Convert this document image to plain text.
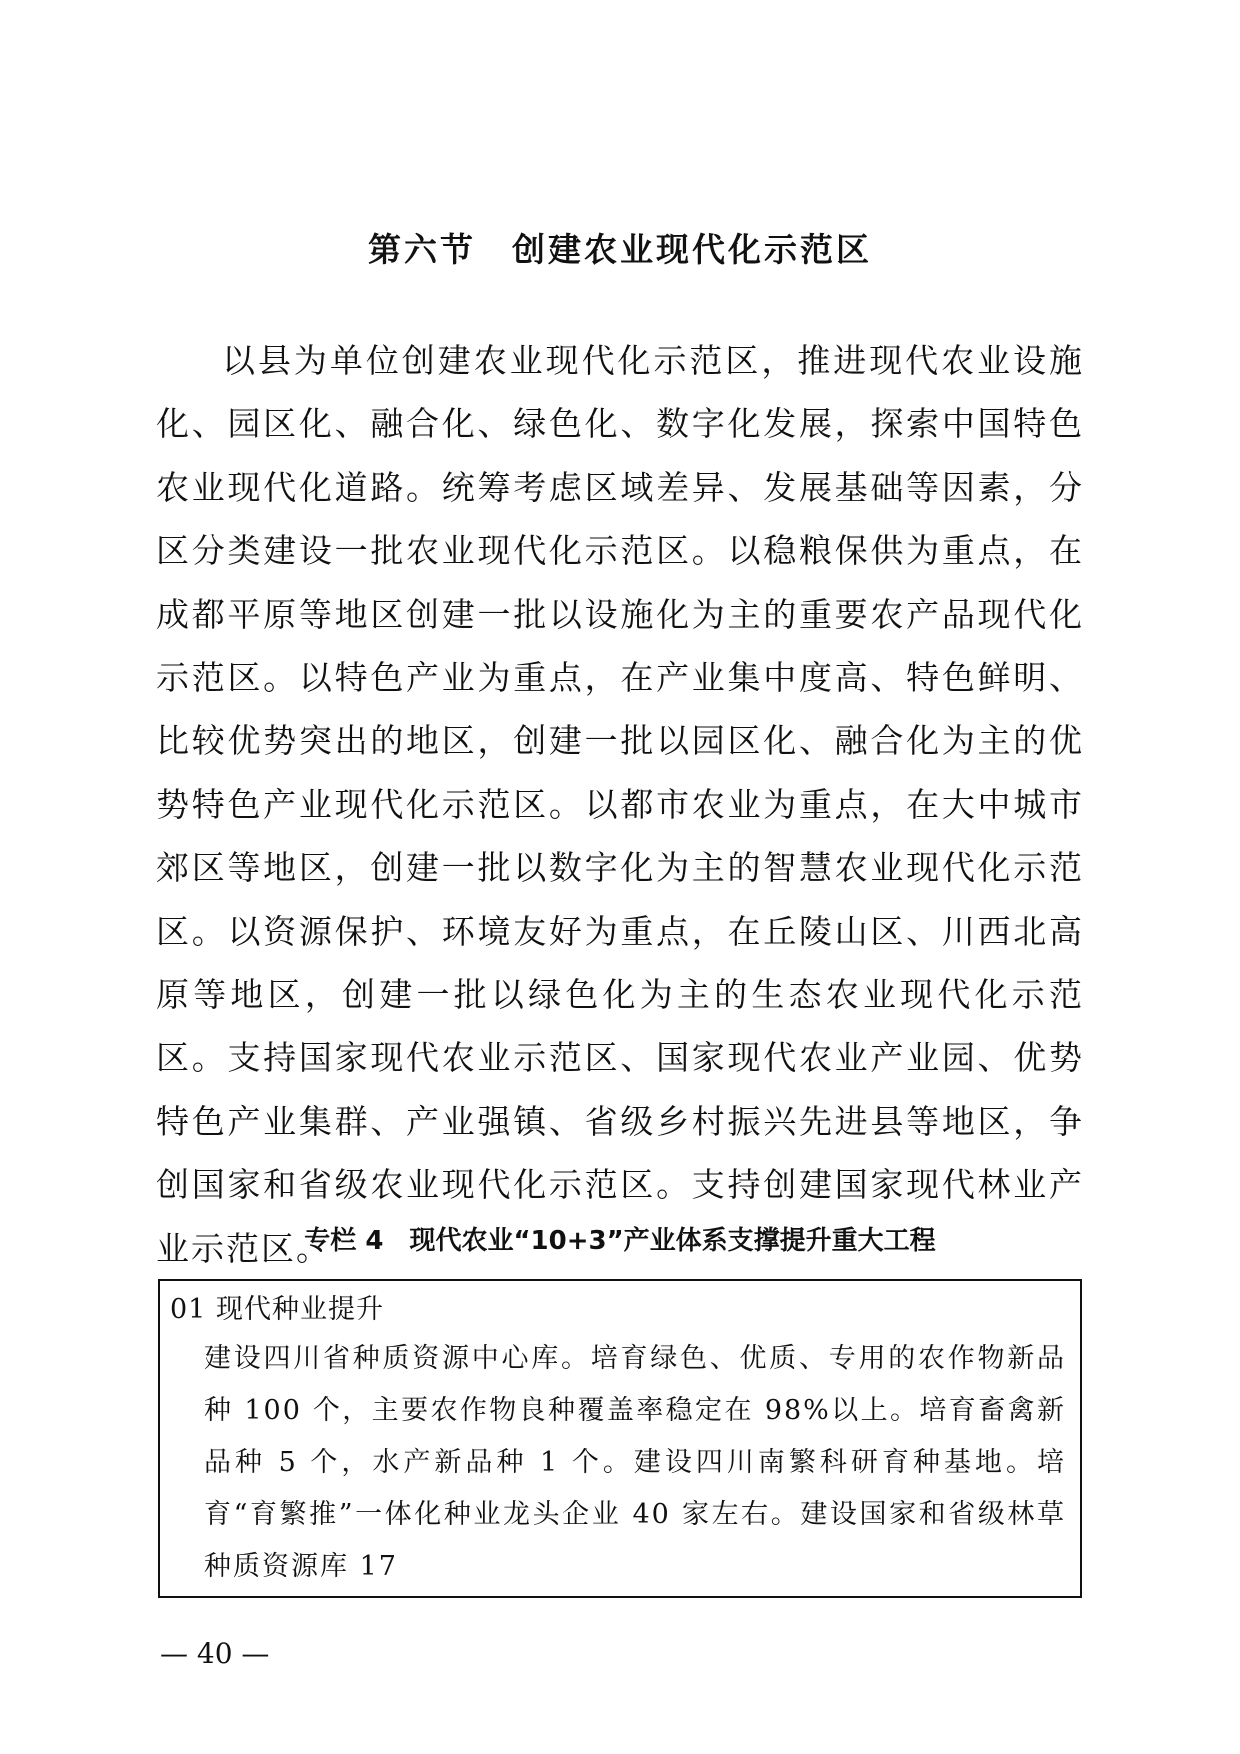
第六节　创建农业现代化示范区

以县为单位创建农业现代化示范区，推进现代农业设施化、园区化、融合化、绿色化、数字化发展，探索中国特色农业现代化道路。统筹考虑区域差异、发展基础等因素，分区分类建设一批农业现代化示范区。以稳粮保供为重点，在成都平原等地区创建一批以设施化为主的重要农产品现代化示范区。以特色产业为重点，在产业集中度高、特色鲜明、比较优势突出的地区，创建一批以园区化、融合化为主的优势特色产业现代化示范区。以都市农业为重点，在大中城市郊区等地区，创建一批以数字化为主的智慧农业现代化示范区。以资源保护、环境友好为重点，在丘陵山区、川西北高原等地区，创建一批以绿色化为主的生态农业现代化示范区。支持国家现代农业示范区、国家现代农业产业园、优势特色产业集群、产业强镇、省级乡村振兴先进县等地区，争创国家和省级农业现代化示范区。支持创建国家现代林业产业示范区。

专栏 4　现代农业“10+3”产业体系支撑提升重大工程

01 现代种业提升

建设四川省种质资源中心库。培育绿色、优质、专用的农作物新品种 100 个，主要农作物良种覆盖率稳定在 98%以上。培育畜禽新品种 5 个，水产新品种 1 个。建设四川南繁科研育种基地。培育“育繁推”一体化种业龙头企业 40 家左右。建设国家和省级林草种质资源库 17

— 40 —
